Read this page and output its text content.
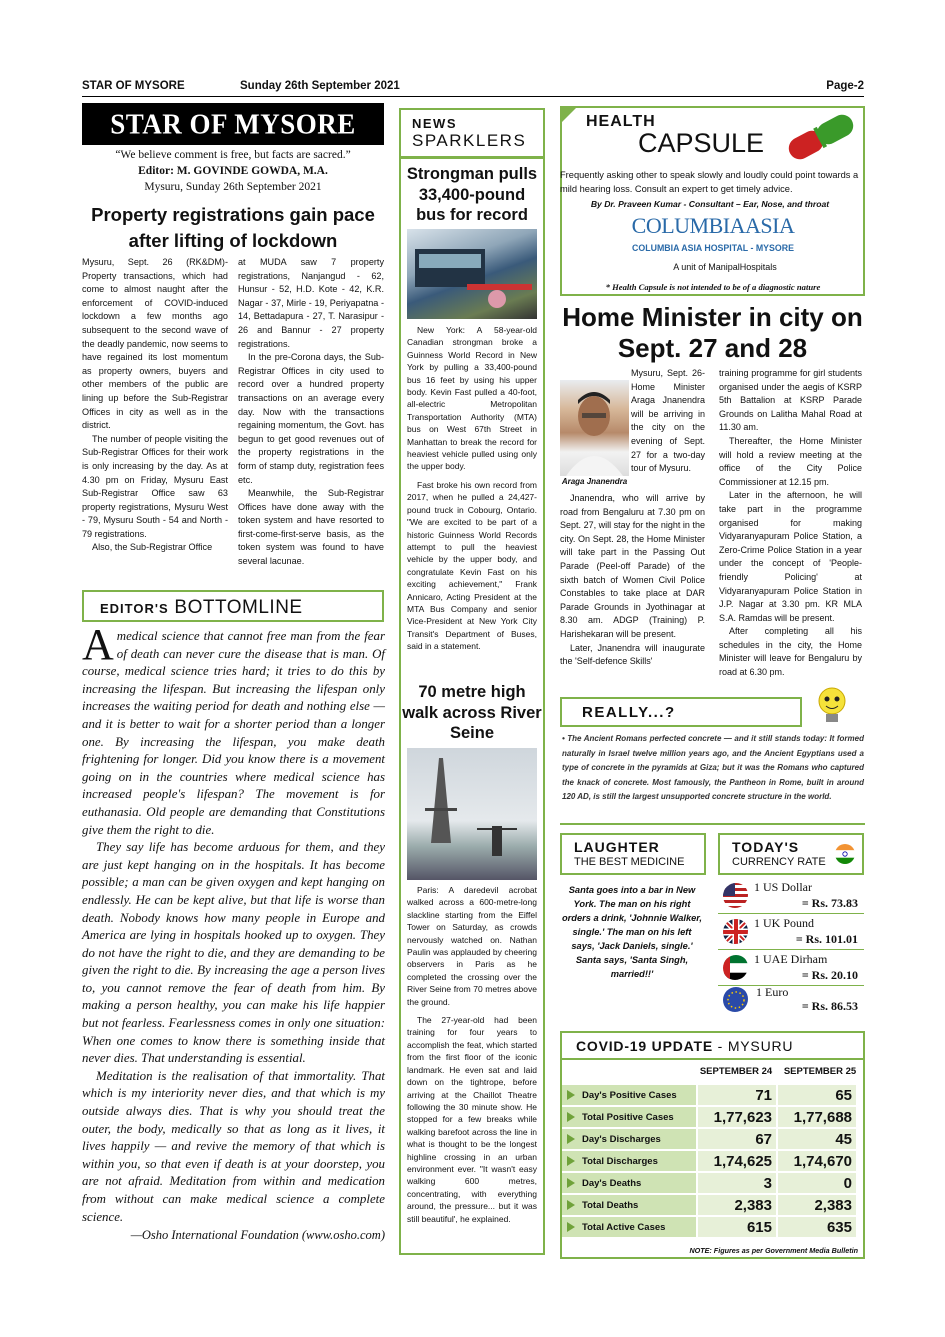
STAR OF MYSORE	Sunday 26th September 2021	Page-2
STAR OF MYSORE
“We believe comment is free, but facts are sacred.”
Editor: M. GOVINDE GOWDA, M.A.
Mysuru, Sunday 26th September 2021
Property registrations gain pace after lifting of lockdown

Mysuru, Sept. 26 (RK&DM)- Property transactions, which had come to almost naught after the enforcement of COVID-induced lockdown a few months ago subsequent to the second wave of the deadly pandemic, now seems to have regained its lost momentum as property owners, buyers and other members of the public are lining up before the Sub-Registrar Offices in city as well as in the district.

The number of people visiting the Sub-Registrar Offices for their work is only increasing by the day. As at 4.30 pm on Friday, Mysuru East Sub-Registrar Office saw 63 property registrations, Mysuru West - 79, Mysuru South - 54 and North - 79 registrations.

Also, the Sub-Registrar Office

at MUDA saw 7 property registrations, Nanjangud - 62, Hunsur - 52, H.D. Kote - 42, K.R. Nagar - 37, Mirle - 19, Periyapatna - 14, Bettadapura - 27, T. Narasipur - 26 and Bannur - 27 property registrations.

In the pre-Corona days, the Sub-Registrar Offices in city used to record over a hundred property transactions on an average every day. Now with the transactions regaining momentum, the Govt. has begun to get good revenues out of the property registrations in the form of stamp duty, registration fees etc.

Meanwhile, the Sub-Registrar Offices have done away with the token system and have resorted to first-come-first-serve basis, as the token system was found to have several lacunae.

EDITOR'S BOTTOMLINE

Amedical science that cannot free man from the fear of death can never cure the disease that is man. Of course, medical science tries hard; it tries to do this by increasing the lifespan. But increasing the lifespan only increases the waiting period for death and nothing else — and it is better to wait for a shorter period than a longer one. By increasing the lifespan, you make death frightening for longer. Did you know there is a movement going on in the countries where medical science has increased people's lifespan? The movement is for euthanasia. Old people are demanding that Constitutions give them the right to die.

They say life has become arduous for them, and they are just kept hanging on in the hospitals. It has become possible; a man can be given oxygen and kept hanging on endlessly. He can be kept alive, but that life is worse than death. Nobody knows how many people in Europe and America are lying in hospitals hooked up to oxygen. They do not have the right to die, and they are demanding to be given the right to die. By increasing the age a person lives to, you cannot remove the fear of death from him. By making a person healthy, you can make his life happier but not fearless. Fearlessness comes in only one situation: When one comes to know there is something inside that never dies. That understanding is essential.

Meditation is the realisation of that immortality. That which is my interiority never dies, and that which is my outside always dies. That is why you should treat the outer, the body, medically so that as long as it lives, it lives happily — and revive the memory of that which is within you, so that even if death is at your doorstep, you are not afraid. Meditation from within and medication from without can make medical science a complete science.

—Osho International Foundation (www.osho.com)
NEWS
SPARKLERS
Strongman pulls 33,400-pound bus for record

New York: A 58-year-old Canadian strongman broke a Guinness World Record in New York by pulling a 33,400-pound bus 16 feet by using his upper body. Kevin Fast pulled a 40-foot, all-electric Metropolitan Transportation Authority (MTA) bus on West 67th Street in Manhattan to break the record for heaviest vehicle pulled using only the upper body.

Fast broke his own record from 2017, when he pulled a 24,427-pound truck in Cobourg, Ontario. "We are excited to be part of a historic Guinness World Records attempt to pull the heaviest vehicle by the upper body, and congratulate Kevin Fast on his exciting achievement," Frank Annicaro, Acting President at the MTA Bus Company and senior Vice-President at New York City Transit's Department of Buses, said in a statement.

70 metre high walk across River Seine

Paris: A daredevil acrobat walked across a 600-metre-long slackline starting from the Eiffel Tower on Saturday, as crowds nervously watched on. Nathan Paulin was applauded by cheering observers in Paris as he completed the crossing over the River Seine from 70 metres above the ground.

The 27-year-old had been training for four years to accomplish the feat, which started from the first floor of the iconic landmark. He even sat and laid down on the tightrope, before arriving at the Chaillot Theatre following the 30 minute show. He stopped for a few breaks while walking barefoot across the line in what is thought to be the longest highline crossing in an urban environment ever. "It wasn't easy walking 600 metres, concentrating, with everything around, the pressure... but it was still beautiful', he explained.

HEALTH
CAPSULE
Frequently asking other to speak slowly and loudly could point towards a mild hearing loss. Consult an expert to get timely advice.
By Dr. Praveen Kumar - Consultant – Ear, Nose, and throat
COLUMBIAASIA
COLUMBIA ASIA HOSPITAL - MYSORE
A unit of ManipalHospitals
* Health Capsule is not intended to be of a diagnostic nature
Home Minister in city on Sept. 27 and 28
Araga Jnanendra
Mysuru, Sept. 26- Home Minister Araga Jnanendra will be arriving in the city on the evening of Sept. 27 for a two-day tour of Mysuru.

Jnanendra, who will arrive by road from Bengaluru at 7.30 pm on Sept. 27, will stay for the night in the city. On Sept. 28, the Home Minister will take part in the Passing Out Parade (Peel-off Parade) of the sixth batch of Women Civil Police Constables to take place at DAR Parade Grounds in Jyothinagar at 8.30 am. ADGP (Training) P. Harishekaran will be present.

Later, Jnanendra will inaugurate the 'Self-defence Skills'

training programme for girl students organised under the aegis of KSRP 5th Battalion at KSRP Parade Grounds on Lalitha Mahal Road at 11.30 am.

Thereafter, the Home Minister will hold a review meeting at the office of the City Police Commissioner at 12.15 pm.

Later in the afternoon, he will take part in the programme organised for making Vidyaranyapuram Police Station, a Zero-Crime Police Station in a year under the concept of 'People-friendly Policing' at Vidyaranyapuram Police Station in J.P. Nagar at 3.30 pm. KR MLA S.A. Ramdas will be present.

After completing all his schedules in the city, the Home Minister will leave for Bengaluru by road at 6.30 pm.

REALLY...?
• The Ancient Romans perfected concrete — and it still stands today: It formed naturally in Israel twelve million years ago, and the Ancient Egyptians used a type of concrete in the pyramids at Giza; but it was the Romans who captured the knack of concrete. Most famously, the Pantheon in Rome, built in around 120 AD, is still the largest unsupported concrete structure in the world.
LAUGHTER
THE BEST MEDICINE
Santa goes into a bar in New York. The man on his right orders a drink, 'Johnnie Walker, single.' The man on his left says, 'Jack Daniels, single.' Santa says, 'Santa Singh, married!!'
TODAY'S
CURRENCY RATE
1 US Dollar
= Rs. 73.83
1 UK Pound
= Rs. 101.01
1 UAE Dirham
= Rs. 20.10
1 Euro
= Rs. 86.53
COVID-19 UPDATE - MYSURU
SEPTEMBER 24	SEPTEMBER 25
Day's Positive Cases	71	65
Total Positive Cases	1,77,623	1,77,688
Day's Discharges	67	45
Total Discharges	1,74,625	1,74,670
Day's Deaths	3	0
Total Deaths	2,383	2,383
Total Active Cases	615	635
NOTE: Figures as per Government Media Bulletin
